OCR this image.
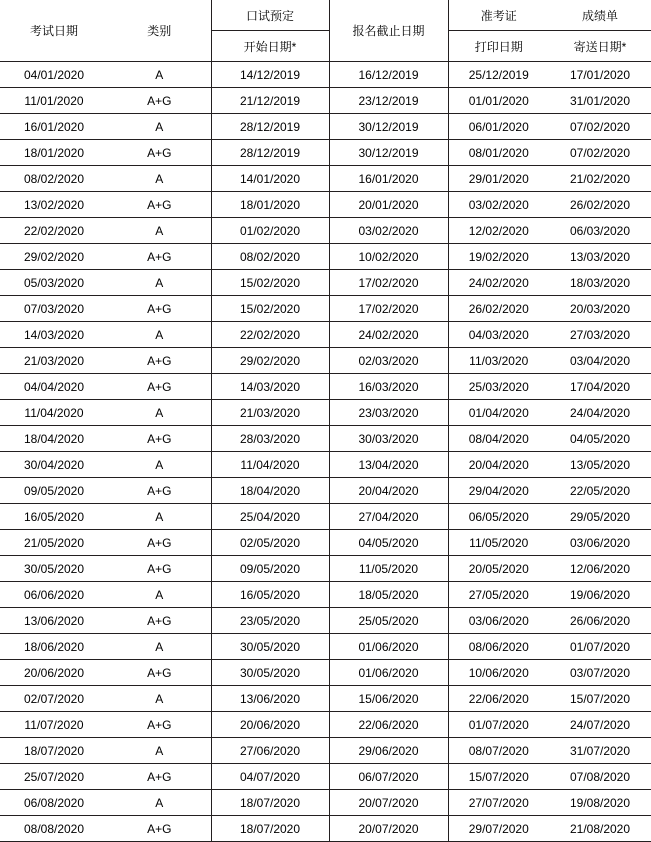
考试日期	类别	口试预定	报名截止日期	准考证	成绩单
		开始日期*		打印日期	寄送日期*
04/01/2020	A	14/12/2019	16/12/2019	25/12/2019	17/01/2020
11/01/2020	A+G	21/12/2019	23/12/2019	01/01/2020	31/01/2020
16/01/2020	A	28/12/2019	30/12/2019	06/01/2020	07/02/2020
18/01/2020	A+G	28/12/2019	30/12/2019	08/01/2020	07/02/2020
08/02/2020	A	14/01/2020	16/01/2020	29/01/2020	21/02/2020
13/02/2020	A+G	18/01/2020	20/01/2020	03/02/2020	26/02/2020
22/02/2020	A	01/02/2020	03/02/2020	12/02/2020	06/03/2020
29/02/2020	A+G	08/02/2020	10/02/2020	19/02/2020	13/03/2020
05/03/2020	A	15/02/2020	17/02/2020	24/02/2020	18/03/2020
07/03/2020	A+G	15/02/2020	17/02/2020	26/02/2020	20/03/2020
14/03/2020	A	22/02/2020	24/02/2020	04/03/2020	27/03/2020
21/03/2020	A+G	29/02/2020	02/03/2020	11/03/2020	03/04/2020
04/04/2020	A+G	14/03/2020	16/03/2020	25/03/2020	17/04/2020
11/04/2020	A	21/03/2020	23/03/2020	01/04/2020	24/04/2020
18/04/2020	A+G	28/03/2020	30/03/2020	08/04/2020	04/05/2020
30/04/2020	A	11/04/2020	13/04/2020	20/04/2020	13/05/2020
09/05/2020	A+G	18/04/2020	20/04/2020	29/04/2020	22/05/2020
16/05/2020	A	25/04/2020	27/04/2020	06/05/2020	29/05/2020
21/05/2020	A+G	02/05/2020	04/05/2020	11/05/2020	03/06/2020
30/05/2020	A+G	09/05/2020	11/05/2020	20/05/2020	12/06/2020
06/06/2020	A	16/05/2020	18/05/2020	27/05/2020	19/06/2020
13/06/2020	A+G	23/05/2020	25/05/2020	03/06/2020	26/06/2020
18/06/2020	A	30/05/2020	01/06/2020	08/06/2020	01/07/2020
20/06/2020	A+G	30/05/2020	01/06/2020	10/06/2020	03/07/2020
02/07/2020	A	13/06/2020	15/06/2020	22/06/2020	15/07/2020
11/07/2020	A+G	20/06/2020	22/06/2020	01/07/2020	24/07/2020
18/07/2020	A	27/06/2020	29/06/2020	08/07/2020	31/07/2020
25/07/2020	A+G	04/07/2020	06/07/2020	15/07/2020	07/08/2020
06/08/2020	A	18/07/2020	20/07/2020	27/07/2020	19/08/2020
08/08/2020	A+G	18/07/2020	20/07/2020	29/07/2020	21/08/2020
